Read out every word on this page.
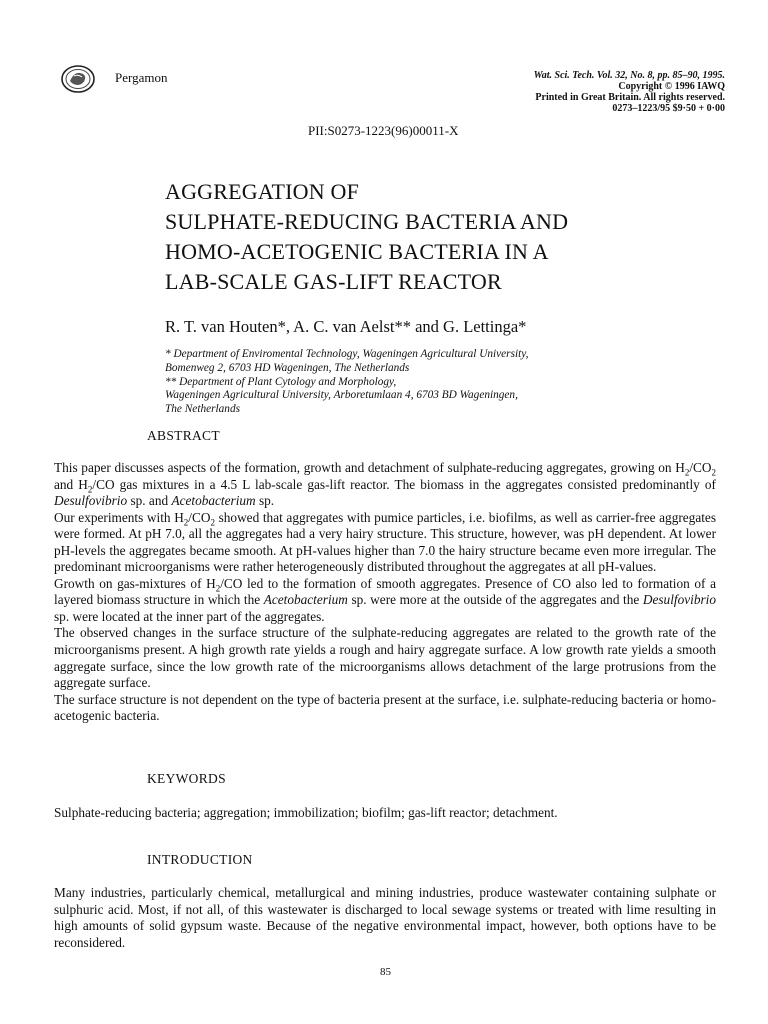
Pergamon	Wat. Sci. Tech. Vol. 32, No. 8, pp. 85–90, 1995.
Copyright © 1996 IAWQ
Printed in Great Britain. All rights reserved.
0273–1223/95 $9·50 + 0·00
PII:S0273-1223(96)00011-X
AGGREGATION OF
SULPHATE-REDUCING BACTERIA AND
HOMO-ACETOGENIC BACTERIA IN A
LAB-SCALE GAS-LIFT REACTOR
R. T. van Houten*, A. C. van Aelst** and G. Lettinga*
* Department of Enviromental Technology, Wageningen Agricultural University,
Bomenweg 2, 6703 HD Wageningen, The Netherlands
** Department of Plant Cytology and Morphology,
Wageningen Agricultural University, Arboretumlaan 4, 6703 BD Wageningen,
The Netherlands
ABSTRACT

This paper discusses aspects of the formation, growth and detachment of sulphate-reducing aggregates, growing on $H_2/CO_2$ and $H_2/CO$ gas mixtures in a 4.5 L lab-scale gas-lift reactor. The biomass in the aggregates consisted predominantly of Desulfovibrio sp. and Acetobacterium sp.

Our experiments with $H_2/CO_2$ showed that aggregates with pumice particles, i.e. biofilms, as well as carrier-free aggregates were formed. At pH 7.0, all the aggregates had a very hairy structure. This structure, however, was pH dependent. At lower pH-levels the aggregates became smooth. At pH-values higher than 7.0 the hairy structure became even more irregular. The predominant microorganisms were rather heterogeneously distributed throughout the aggregates at all pH-values.

Growth on gas-mixtures of $H_2/CO$ led to the formation of smooth aggregates. Presence of CO also led to formation of a layered biomass structure in which the Acetobacterium sp. were more at the outside of the aggregates and the Desulfovibrio sp. were located at the inner part of the aggregates.

The observed changes in the surface structure of the sulphate-reducing aggregates are related to the growth rate of the microorganisms present. A high growth rate yields a rough and hairy aggregate surface. A low growth rate yields a smooth aggregate surface, since the low growth rate of the microorganisms allows detachment of the large protrusions from the aggregate surface.

The surface structure is not dependent on the type of bacteria present at the surface, i.e. sulphate-reducing bacteria or homo-acetogenic bacteria.

KEYWORDS
Sulphate-reducing bacteria; aggregation; immobilization; biofilm; gas-lift reactor; detachment.
INTRODUCTION

Many industries, particularly chemical, metallurgical and mining industries, produce wastewater containing sulphate or sulphuric acid. Most, if not all, of this wastewater is discharged to local sewage systems or treated with lime resulting in high amounts of solid gypsum waste. Because of the negative environmental impact, however, both options have to be reconsidered.

85
